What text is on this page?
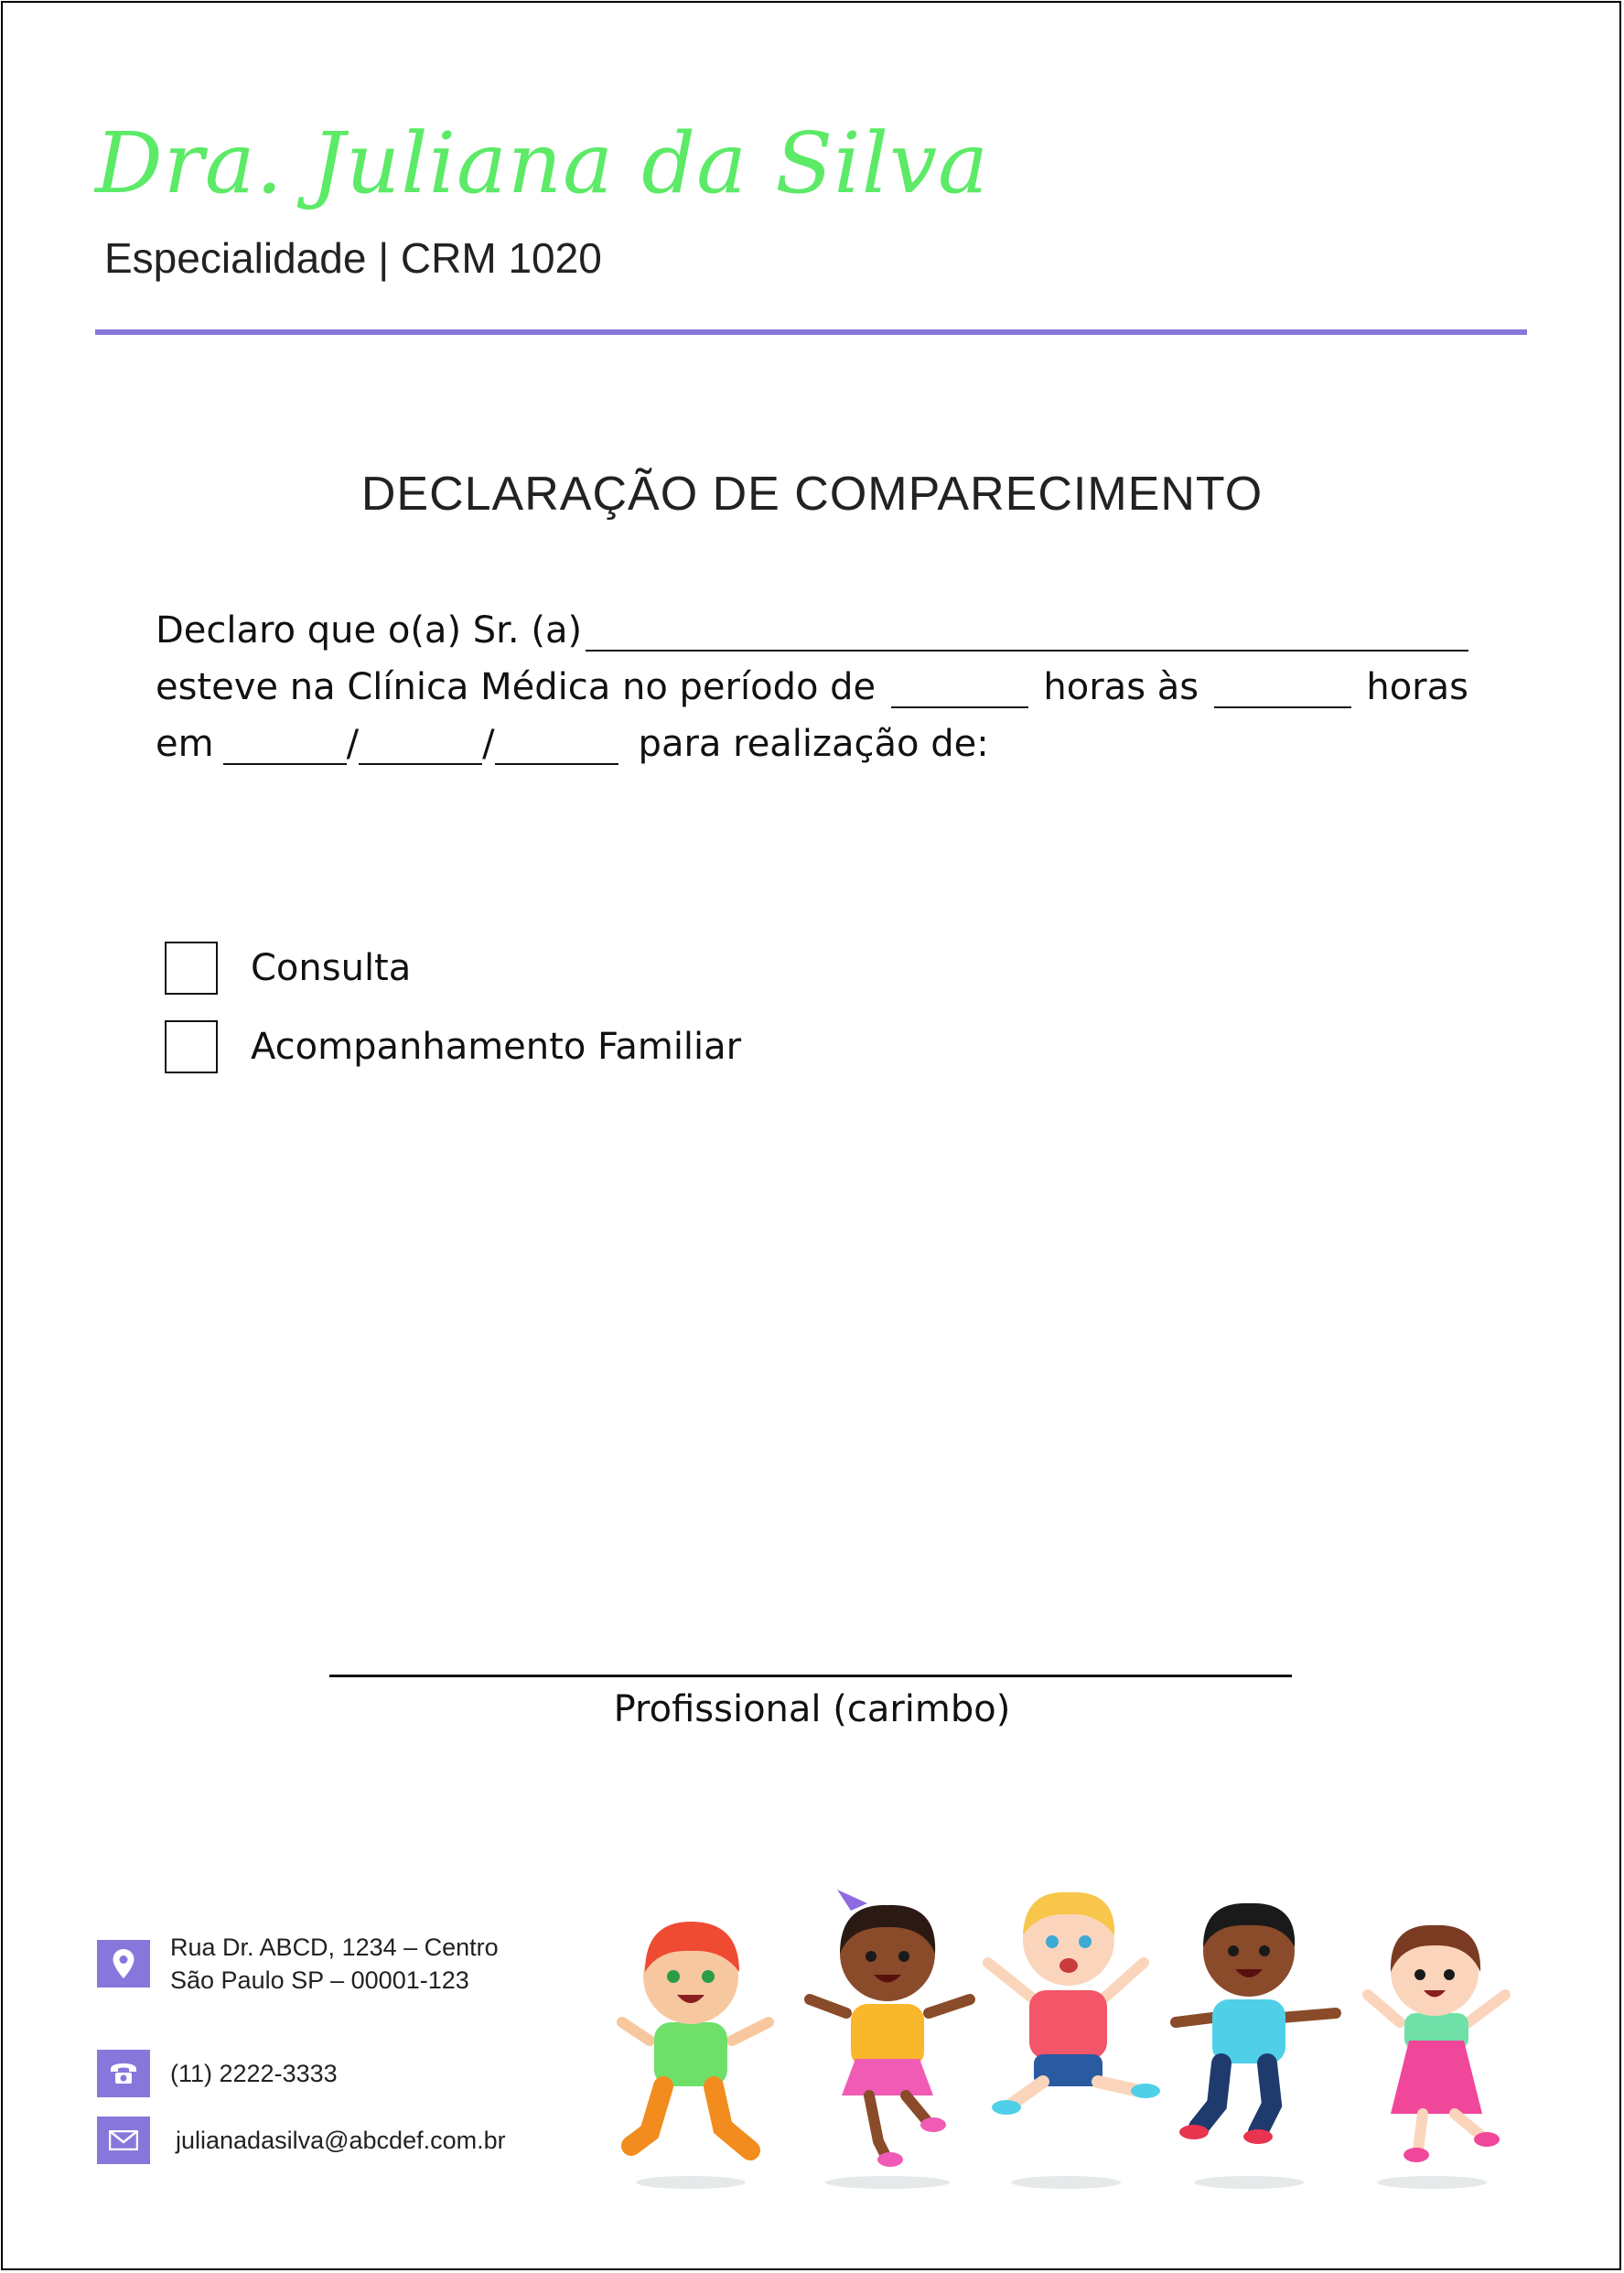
Dra. Juliana da Silva
Especialidade | CRM 1020
DECLARAÇÃO DE COMPARECIMENTO
Declaro que o(a) Sr. (a)
esteve na Clínica Médica no período de	horas às	horas
em	/	/	para realização de:
Consulta
Acompanhamento Familiar
Profissional (carimbo)
Rua Dr. ABCD, 1234 – Centro
São Paulo SP – 00001-123
(11) 2222-3333
julianadasilva@abcdef.com.br
